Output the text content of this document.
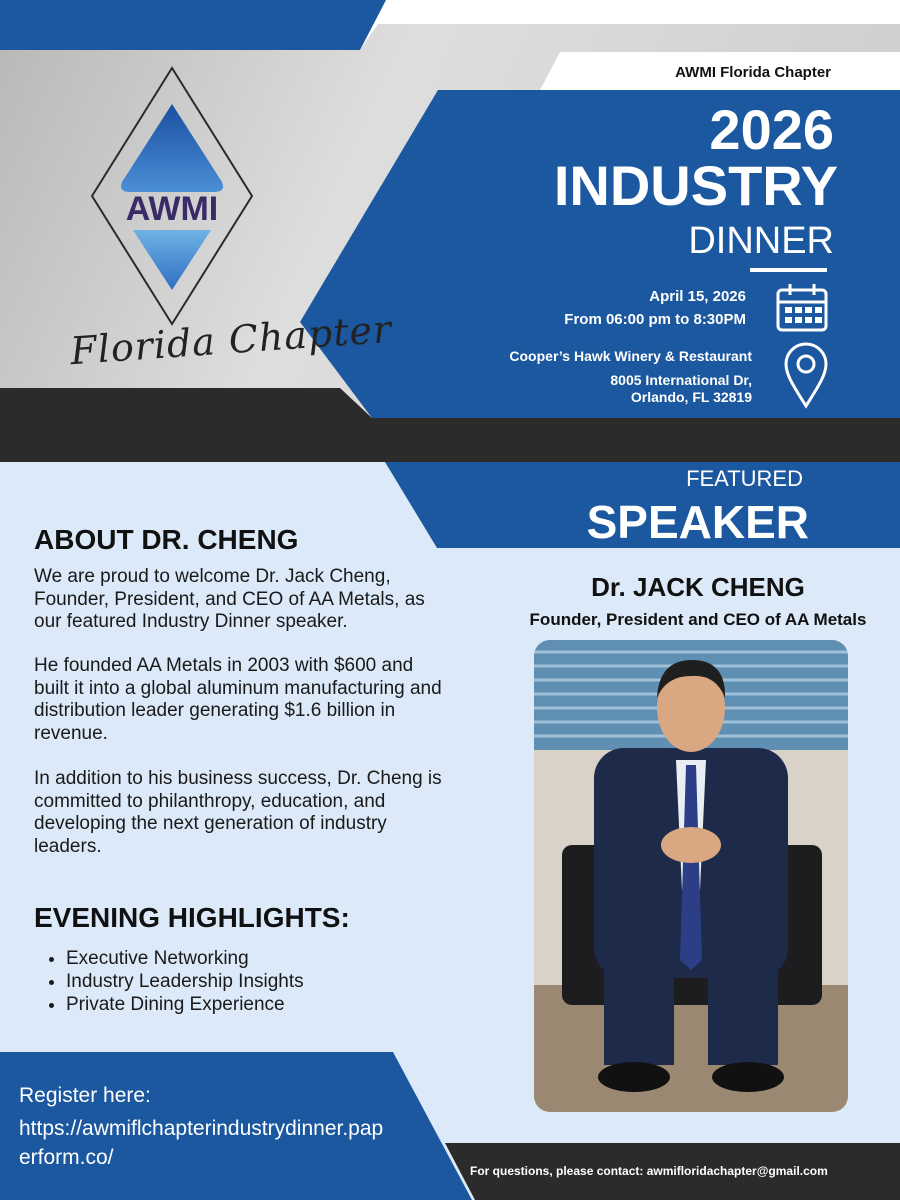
AWMI
Florida Chapter
AWMI Florida Chapter
2026
INDUSTRY
DINNER
April 15, 2026
From 06:00 pm to 8:30PM
Cooper’s Hawk Winery & Restaurant
8005 International Dr,
Orlando, FL 32819
FEATURED
SPEAKER
Dr. JACK CHENG
Founder, President and CEO of AA Metals
ABOUT DR. CHENG
We are proud to welcome Dr. Jack Cheng, Founder, President, and CEO of AA Metals, as our featured Industry Dinner speaker.
He founded AA Metals in 2003 with $600 and built it into a global aluminum manufacturing and distribution leader generating $1.6 billion in revenue.
In addition to his business success, Dr. Cheng is committed to philanthropy, education, and developing the next generation of industry leaders.
EVENING HIGHLIGHTS:
• Executive Networking
• Industry Leadership Insights
• Private Dining Experience
Register here:
https://awmiflchapterindustrydinner.paperform.co/
For questions, please contact: awmifloridachapter@gmail.com
